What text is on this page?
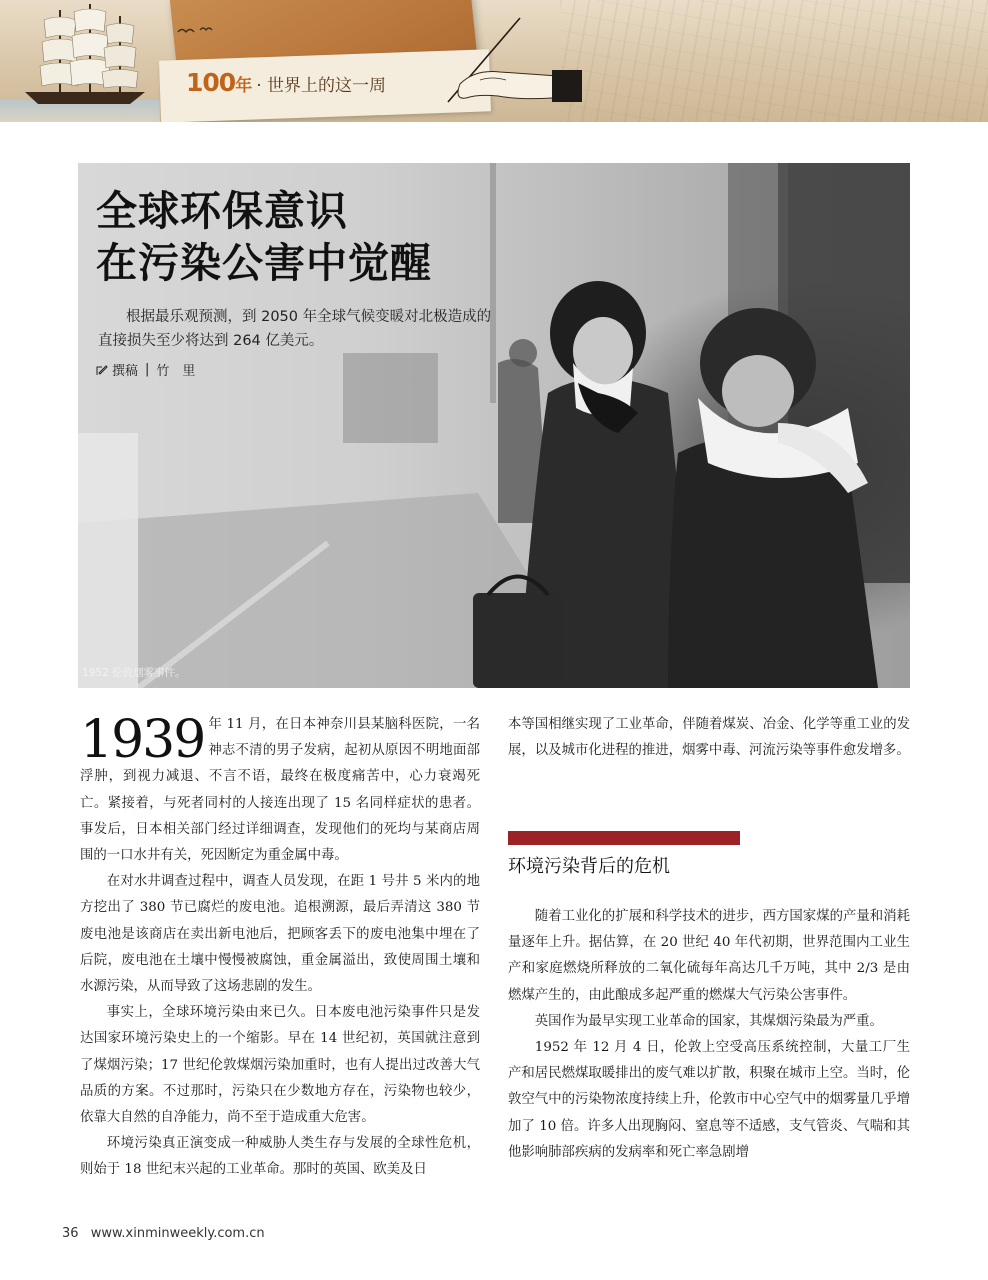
100年 · 世界上的这一周
全球环保意识
在污染公害中觉醒
根据最乐观预测，到 2050 年全球气候变暖对北极造成的直接损失至少将达到 264 亿美元。
撰稿 | 竹　里
1952 伦敦烟雾事件。

1939 年 11 月，在日本神奈川县某脑科医院，一名神志不清的男子发病，起初从原因不明地面部浮肿，到视力减退、不言不语，最终在极度痛苦中，心力衰竭死亡。紧接着，与死者同村的人接连出现了 15 名同样症状的患者。事发后，日本相关部门经过详细调查，发现他们的死均与某商店周围的一口水井有关，死因断定为重金属中毒。

在对水井调查过程中，调查人员发现，在距 1 号井 5 米内的地方挖出了 380 节已腐烂的废电池。追根溯源，最后弄清这 380 节废电池是该商店在卖出新电池后，把顾客丢下的废电池集中埋在了后院，废电池在土壤中慢慢被腐蚀，重金属溢出，致使周围土壤和水源污染，从而导致了这场悲剧的发生。

事实上，全球环境污染由来已久。日本废电池污染事件只是发达国家环境污染史上的一个缩影。早在 14 世纪初，英国就注意到了煤烟污染；17 世纪伦敦煤烟污染加重时，也有人提出过改善大气品质的方案。不过那时，污染只在少数地方存在，污染物也较少，依靠大自然的自净能力，尚不至于造成重大危害。

环境污染真正演变成一种威胁人类生存与发展的全球性危机，则始于 18 世纪末兴起的工业革命。那时的英国、欧美及日

本等国相继实现了工业革命，伴随着煤炭、冶金、化学等重工业的发展，以及城市化进程的推进，烟雾中毒、河流污染等事件愈发增多。

环境污染背后的危机

随着工业化的扩展和科学技术的进步，西方国家煤的产量和消耗量逐年上升。据估算，在 20 世纪 40 年代初期，世界范围内工业生产和家庭燃烧所释放的二氧化硫每年高达几千万吨，其中 2/3 是由燃煤产生的，由此酿成多起严重的燃煤大气污染公害事件。

英国作为最早实现工业革命的国家，其煤烟污染最为严重。

1952 年 12 月 4 日，伦敦上空受高压系统控制，大量工厂生产和居民燃煤取暖排出的废气难以扩散，积聚在城市上空。当时，伦敦空气中的污染物浓度持续上升，伦敦市中心空气中的烟雾量几乎增加了 10 倍。许多人出现胸闷、窒息等不适感，支气管炎、气喘和其他影响肺部疾病的发病率和死亡率急剧增

36 www.xinminweekly.com.cn
